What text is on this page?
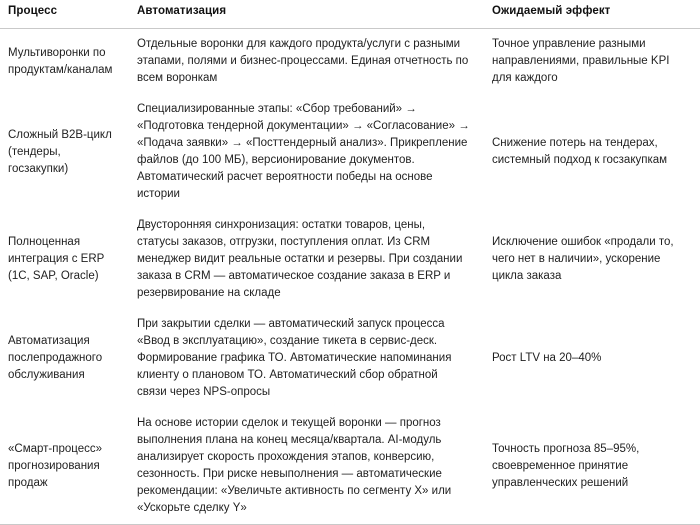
Процесс	Автоматизация	Ожидаемый эффект
Мультиворонки по продуктам/каналам	Отдельные воронки для каждого продукта/услуги с разными этапами, полями и бизнес-процессами. Единая отчетность по всем воронкам	Точное управление разными направлениями, правильные KPI для каждого
Сложный B2B-цикл (тендеры, госзакупки)	Специализированные этапы: «Сбор требований» → «Подготовка тендерной документации» → «Согласование» → «Подача заявки» → «Посттендерный анализ». Прикрепление файлов (до 100 МБ), версионирование документов. Автоматический расчет вероятности победы на основе истории	Снижение потерь на тендерах, системный подход к госзакупкам
Полноценная интеграция с ERP (1C, SAP, Oracle)	Двусторонняя синхронизация: остатки товаров, цены, статусы заказов, отгрузки, поступления оплат. Из CRM менеджер видит реальные остатки и резервы. При создании заказа в CRM — автоматическое создание заказа в ERP и резервирование на складе	Исключение ошибок «продали то, чего нет в наличии», ускорение цикла заказа
Автоматизация послепродажного обслуживания	При закрытии сделки — автоматический запуск процесса «Ввод в эксплуатацию», создание тикета в сервис-деск. Формирование графика ТО. Автоматические напоминания клиенту о плановом ТО. Автоматический сбор обратной связи через NPS-опросы	Рост LTV на 20–40%
«Смарт-процесс» прогнозирования продаж	На основе истории сделок и текущей воронки — прогноз выполнения плана на конец месяца/квартала. AI-модуль анализирует скорость прохождения этапов, конверсию, сезонность. При риске невыполнения — автоматические рекомендации: «Увеличьте активность по сегменту X» или «Ускорьте сделку Y»	Точность прогноза 85–95%, своевременное принятие управленческих решений
